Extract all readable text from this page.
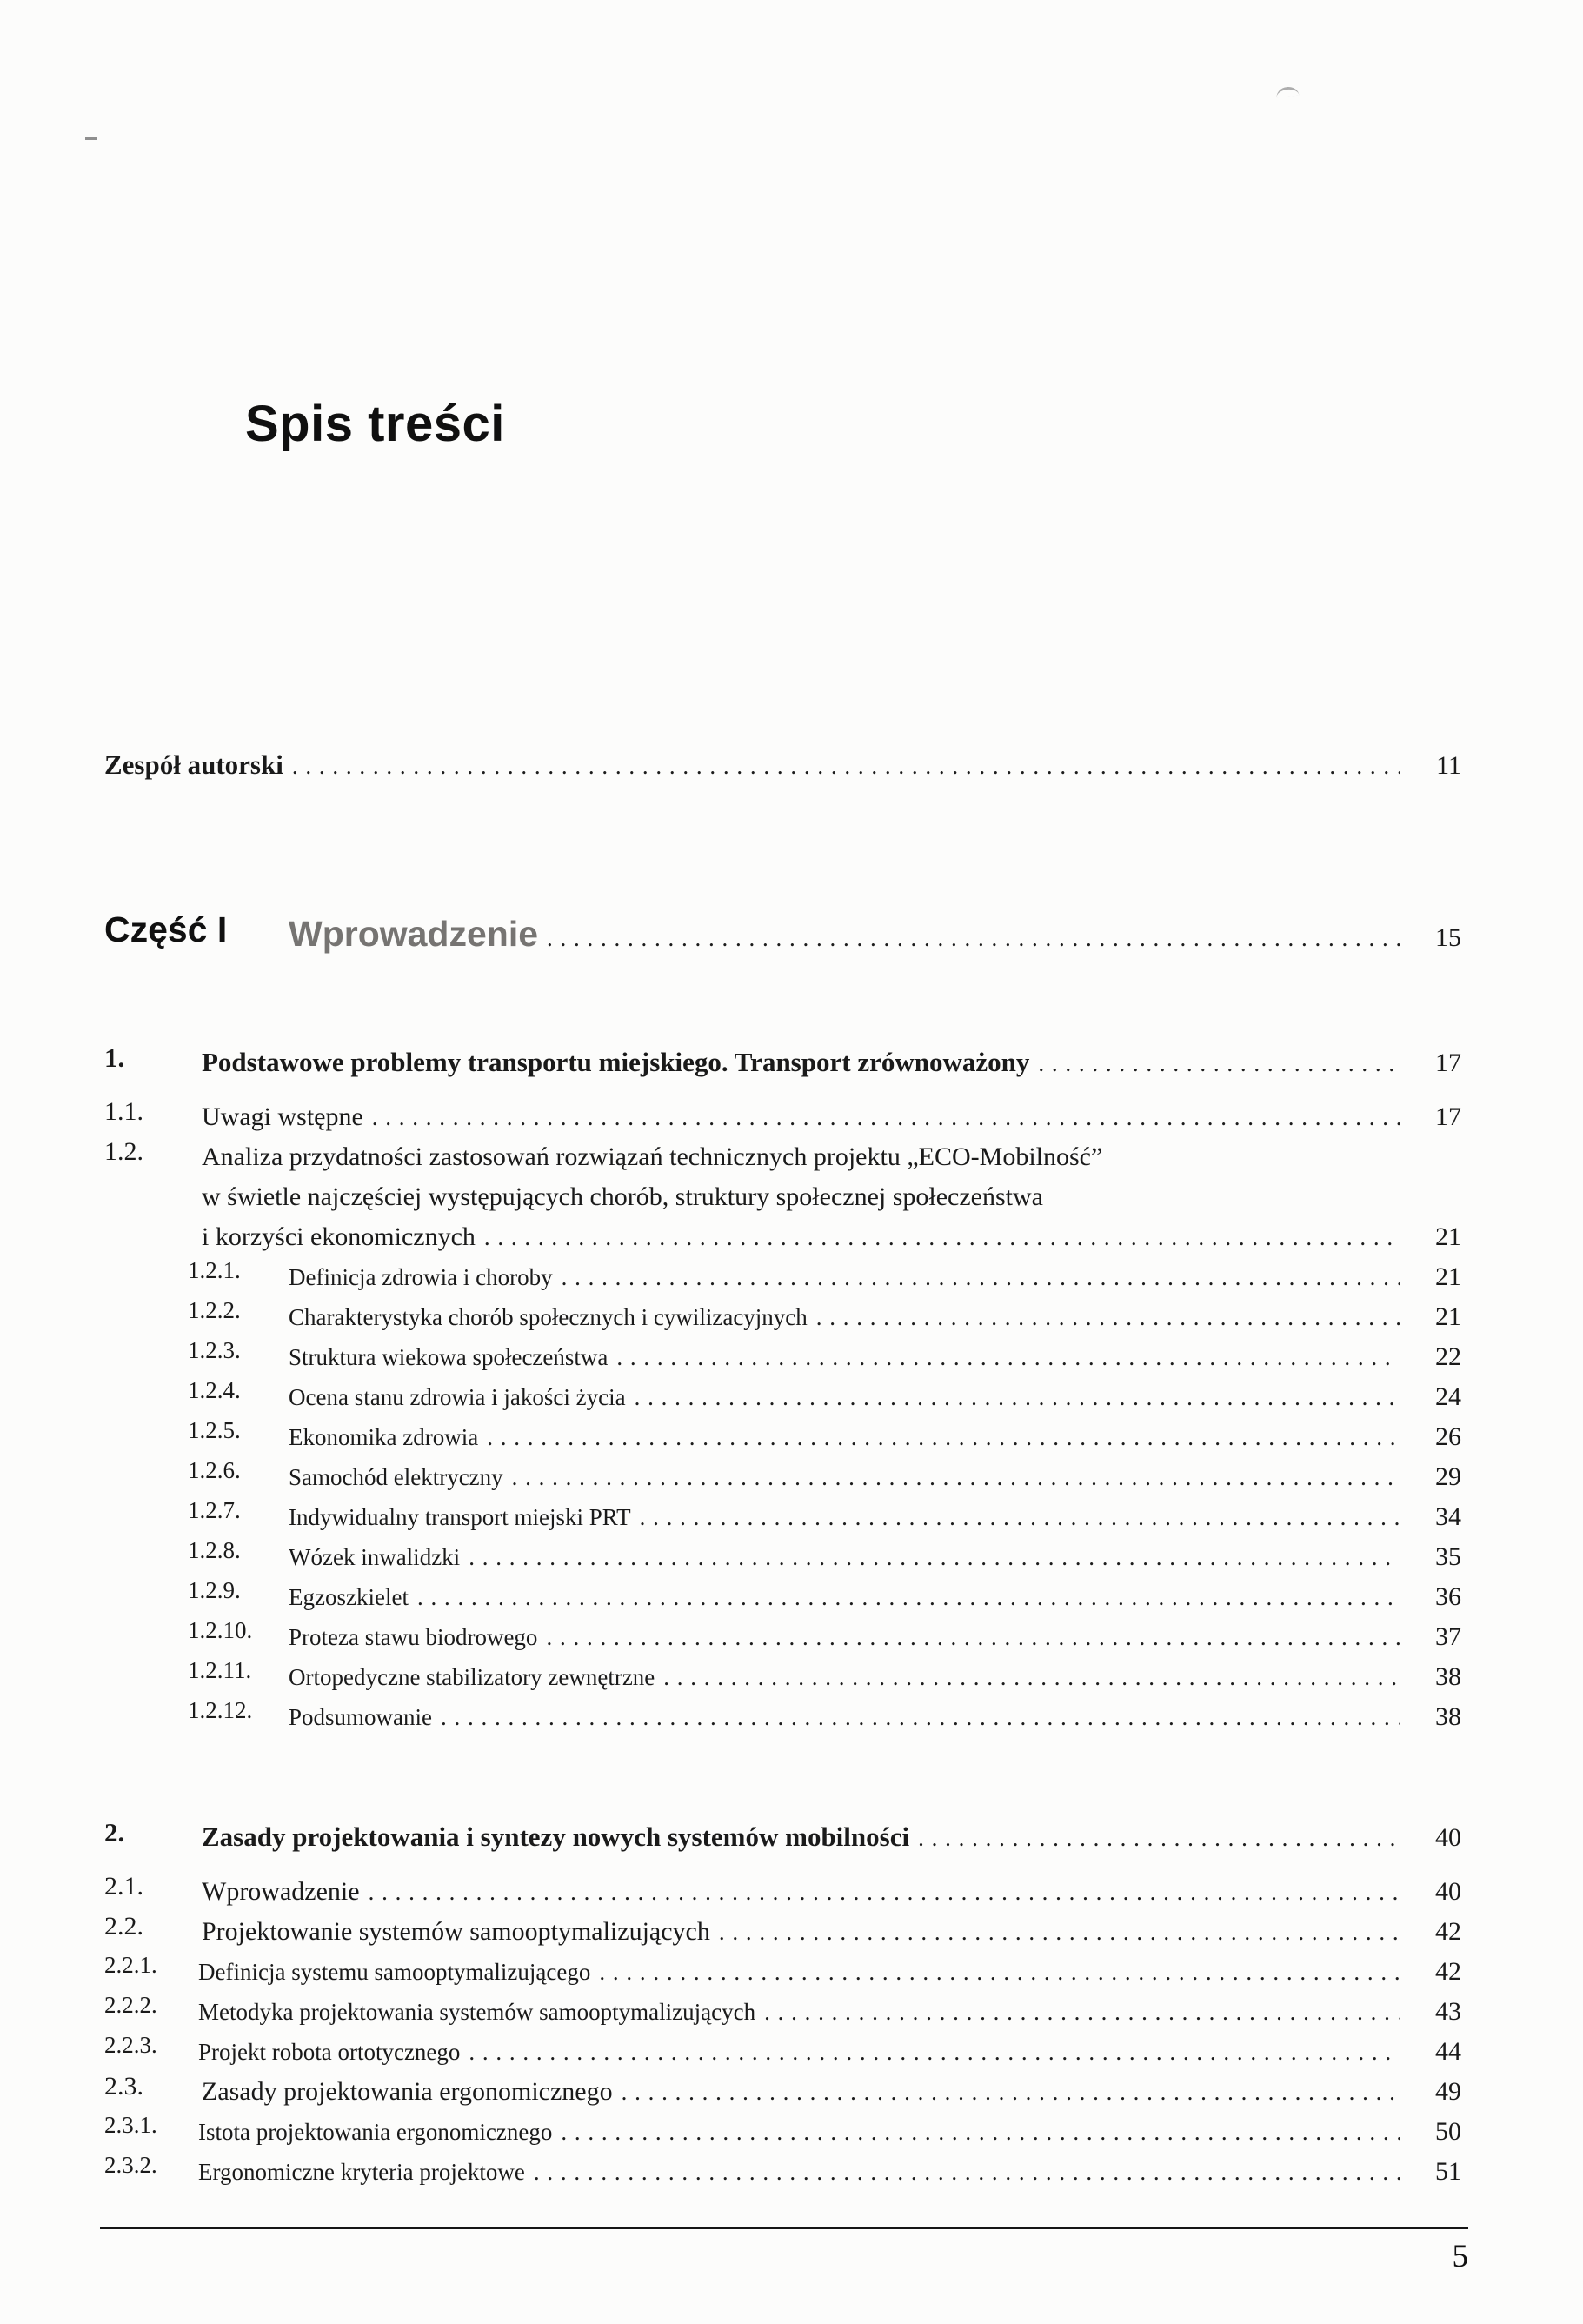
Spis treści
Zespół autorski . . .	11
Część I	Wprowadzenie . . .	15
1.	Podstawowe problemy transportu miejskiego. Transport zrównoważony . . .	17
1.1.	Uwagi wstępne . . .	17
1.2.	Analiza przydatności zastosowań rozwiązań technicznych projektu „ECO-Mobilność”
w świetle najczęściej występujących chorób, struktury społecznej społeczeństwa
i korzyści ekonomicznych . . .	21
1.2.1.	Definicja zdrowia i choroby . . .	21
1.2.2.	Charakterystyka chorób społecznych i cywilizacyjnych . . .	21
1.2.3.	Struktura wiekowa społeczeństwa . . .	22
1.2.4.	Ocena stanu zdrowia i jakości życia . . .	24
1.2.5.	Ekonomika zdrowia . . .	26
1.2.6.	Samochód elektryczny . . .	29
1.2.7.	Indywidualny transport miejski PRT . . .	34
1.2.8.	Wózek inwalidzki . . .	35
1.2.9.	Egzoszkielet . . .	36
1.2.10.	Proteza stawu biodrowego . . .	37
1.2.11.	Ortopedyczne stabilizatory zewnętrzne . . .	38
1.2.12.	Podsumowanie . . .	38
2.	Zasady projektowania i syntezy nowych systemów mobilności . . .	40
2.1.	Wprowadzenie . . .	40
2.2.	Projektowanie systemów samooptymalizujących . . .	42
2.2.1.	Definicja systemu samooptymalizującego . . .	42
2.2.2.	Metodyka projektowania systemów samooptymalizujących . . .	43
2.2.3.	Projekt robota ortotycznego . . .	44
2.3.	Zasady projektowania ergonomicznego . . .	49
2.3.1.	Istota projektowania ergonomicznego . . .	50
2.3.2.	Ergonomiczne kryteria projektowe . . .	51
5
